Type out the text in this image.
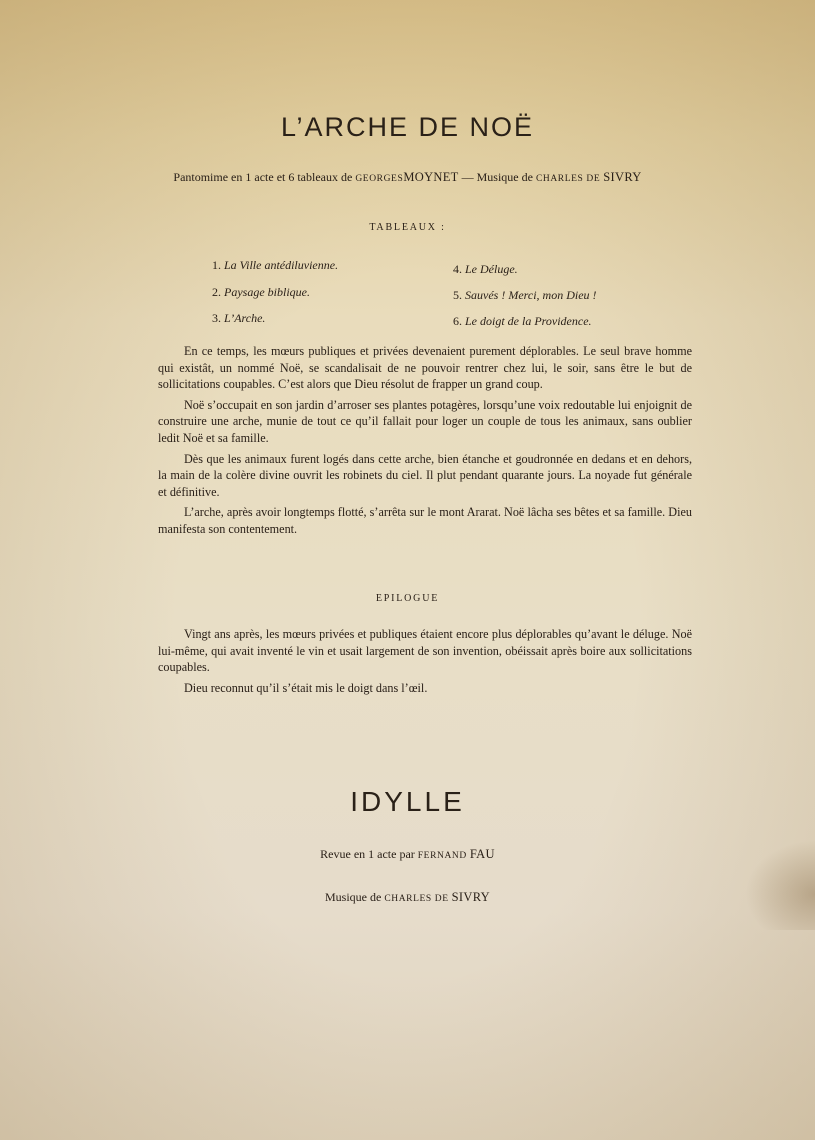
L’ARCHE DE NOË
Pantomime en 1 acte et 6 tableaux de GEORGESMOYNET — Musique de CHARLES DE SIVRY
TABLEAUX :
1. La Ville antédiluvienne.
2. Paysage biblique.
3. L’Arche.
4. Le Déluge.
5. Sauvés ! Merci, mon Dieu !
6. Le doigt de la Providence.

En ce temps, les mœurs publiques et privées devenaient purement déplorables. Le seul brave homme qui existât, un nommé Noë, se scandalisait de ne pouvoir rentrer chez lui, le soir, sans être le but de sollicitations coupables. C’est alors que Dieu résolut de frapper un grand coup.

Noë s’occupait en son jardin d’arroser ses plantes potagères, lorsqu’une voix redoutable lui enjoignit de construire une arche, munie de tout ce qu’il fallait pour loger un couple de tous les animaux, sans oublier ledit Noë et sa famille.

Dès que les animaux furent logés dans cette arche, bien étanche et goudronnée en dedans et en dehors, la main de la colère divine ouvrit les robinets du ciel. Il plut pendant quarante jours. La noyade fut générale et définitive.

L’arche, après avoir longtemps flotté, s’arrêta sur le mont Ararat. Noë lâcha ses bêtes et sa famille. Dieu manifesta son contentement.

EPILOGUE

Vingt ans après, les mœurs privées et publiques étaient encore plus déplorables qu’avant le déluge. Noë lui-même, qui avait inventé le vin et usait largement de son invention, obéissait après boire aux sollicitations coupables.

Dieu reconnut qu’il s’était mis le doigt dans l’œil.

IDYLLE
Revue en 1 acte par FERNAND FAU
Musique de CHARLES DE SIVRY
